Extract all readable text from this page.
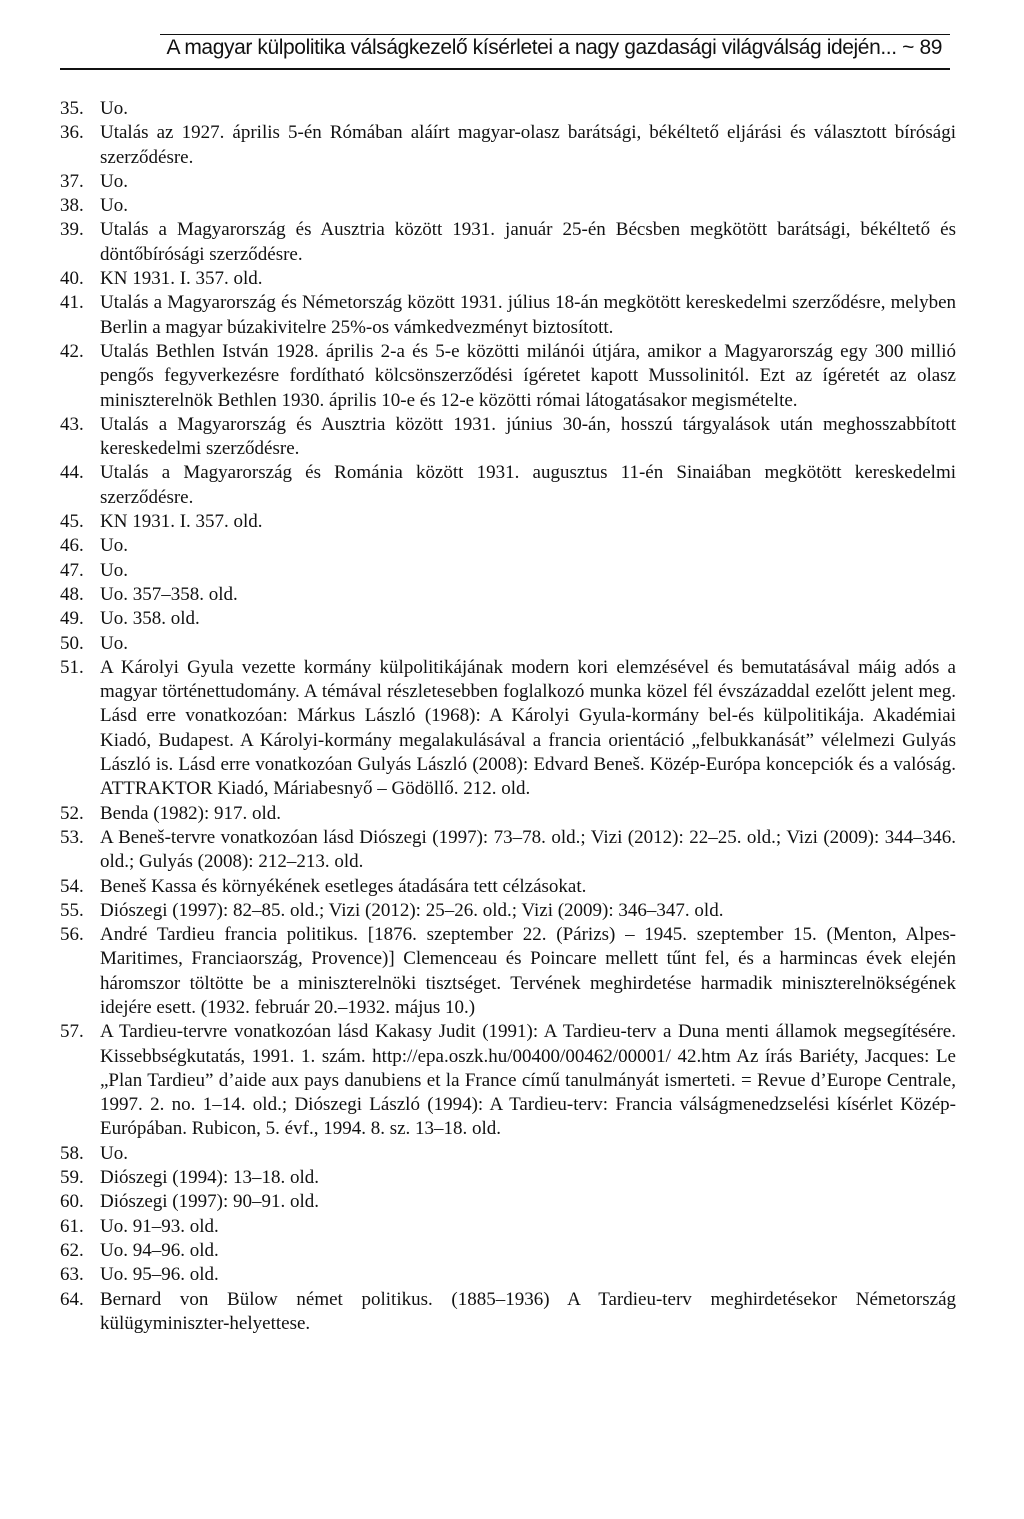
A magyar külpolitika válságkezelő kísérletei a nagy gazdasági világválság idején... ~ 89
35. Uo.
36. Utalás az 1927. április 5-én Rómában aláírt magyar-olasz barátsági, békéltető eljárási és választott bírósági szerződésre.
37. Uo.
38. Uo.
39. Utalás a Magyarország és Ausztria között 1931. január 25-én Bécsben megkötött barátsági, békéltető és döntőbírósági szerződésre.
40. KN 1931. I. 357. old.
41. Utalás a Magyarország és Németország között 1931. július 18-án megkötött kereskedelmi szerződésre, melyben Berlin a magyar búzakivitelre 25%-os vámkedvezményt biztosított.
42. Utalás Bethlen István 1928. április 2-a és 5-e közötti milánói útjára, amikor a Magyarország egy 300 millió pengős fegyverkezésre fordítható kölcsönszerződési ígéretet kapott Mussolinitól. Ezt az ígéretét az olasz miniszterelnök Bethlen 1930. április 10-e és 12-e közötti római látogatásakor megismételte.
43. Utalás a Magyarország és Ausztria között 1931. június 30-án, hosszú tárgyalások után meghosszabbított kereskedelmi szerződésre.
44. Utalás a Magyarország és Románia között 1931. augusztus 11-én Sinaiában megkötött kereskedelmi szerződésre.
45. KN 1931. I. 357. old.
46. Uo.
47. Uo.
48. Uo. 357–358. old.
49. Uo. 358. old.
50. Uo.
51. A Károlyi Gyula vezette kormány külpolitikájának modern kori elemzésével és bemutatásával máig adós a magyar történettudomány. A témával részletesebben foglalkozó munka közel fél évszázaddal ezelőtt jelent meg. Lásd erre vonatkozóan: Márkus László (1968): A Károlyi Gyula-kormány bel-és külpolitikája. Akadémiai Kiadó, Budapest. A Károlyi-kormány megalakulásával a francia orientáció „felbukkanását” vélelmezi Gulyás László is. Lásd erre vonatkozóan Gulyás László (2008): Edvard Beneš. Közép-Európa koncepciók és a valóság. ATTRAKTOR Kiadó, Máriabesnyő – Gödöllő. 212. old.
52. Benda (1982): 917. old.
53. A Beneš-tervre vonatkozóan lásd Diószegi (1997): 73–78. old.; Vizi (2012): 22–25. old.; Vizi (2009): 344–346. old.; Gulyás (2008): 212–213. old.
54. Beneš Kassa és környékének esetleges átadására tett célzásokat.
55. Diószegi (1997): 82–85. old.; Vizi (2012): 25–26. old.; Vizi (2009): 346–347. old.
56. André Tardieu francia politikus. [1876. szeptember 22. (Párizs) – 1945. szeptember 15. (Menton, Alpes-Maritimes, Franciaország, Provence)] Clemenceau és Poincare mellett tűnt fel, és a harmincas évek elején háromszor töltötte be a miniszterelnöki tisztséget. Tervének meghirdetése harmadik miniszterelnökségének idejére esett. (1932. február 20.–1932. május 10.)
57. A Tardieu-tervre vonatkozóan lásd Kakasy Judit (1991): A Tardieu-terv a Duna menti államok megsegítésére. Kissebbségkutatás, 1991. 1. szám. http://epa.oszk.hu/00400/00462/00001/ 42.htm Az írás Bariéty, Jacques: Le „Plan Tardieu” d’aide aux pays danubiens et la France című tanulmányát ismerteti. = Revue d’Europe Centrale, 1997. 2. no. 1–14. old.; Diószegi László (1994): A Tardieu-terv: Francia válságmenedzselési kísérlet Közép-Európában. Rubicon, 5. évf., 1994. 8. sz. 13–18. old.
58. Uo.
59. Diószegi (1994): 13–18. old.
60. Diószegi (1997): 90–91. old.
61. Uo. 91–93. old.
62. Uo. 94–96. old.
63. Uo. 95–96. old.
64. Bernard von Bülow német politikus. (1885–1936) A Tardieu-terv meghirdetésekor Németország külügyminiszter-helyettese.
